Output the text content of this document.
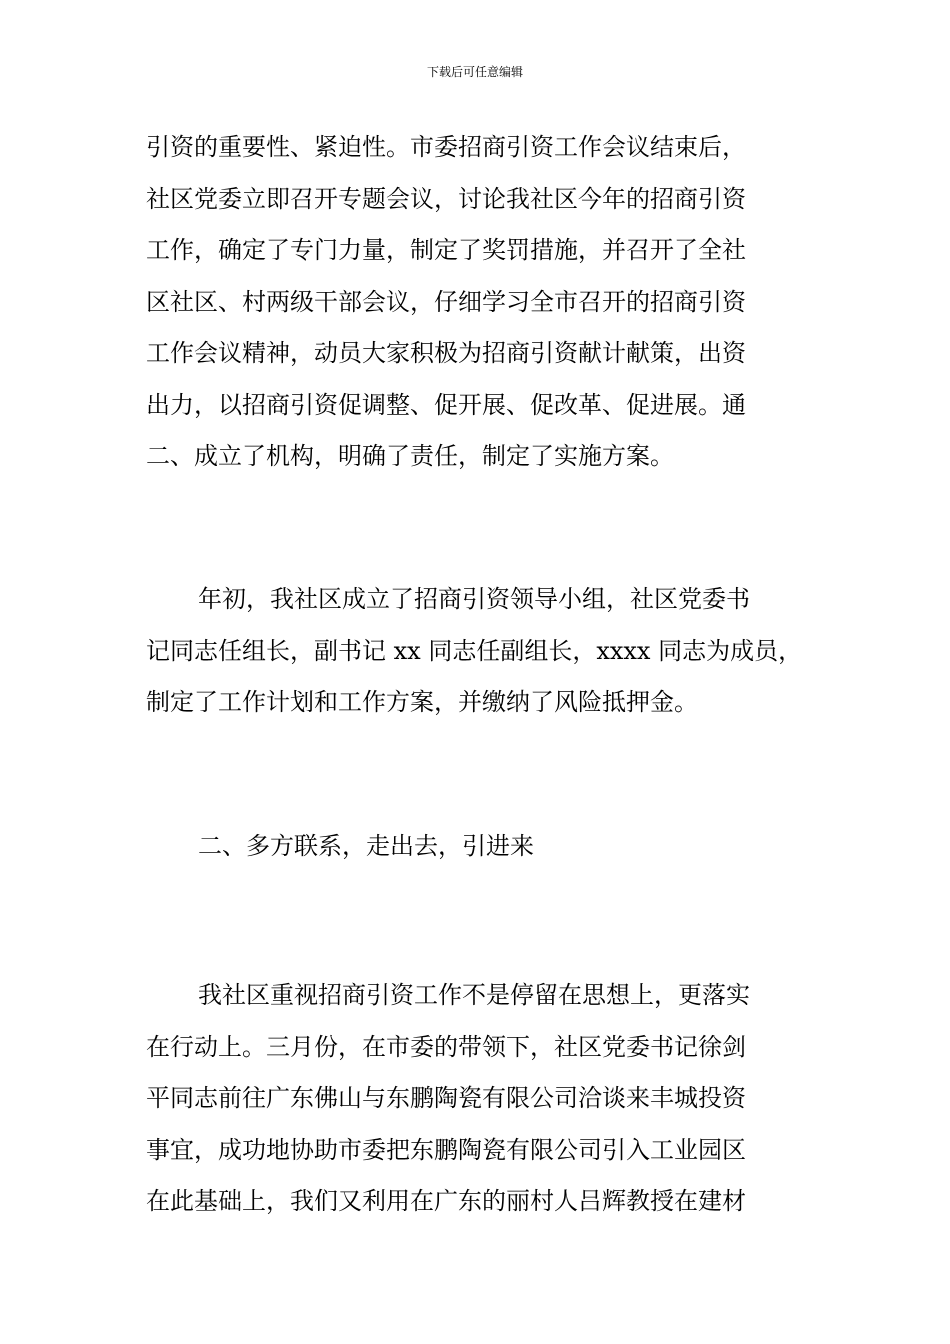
下载后可任意编辑
引资的重要性、紧迫性。市委招商引资工作会议结束后，
社区党委立即召开专题会议，讨论我社区今年的招商引资
工作，确定了专门力量，制定了奖罚措施，并召开了全社
区社区、村两级干部会议，仔细学习全市召开的招商引资
工作会议精神，动员大家积极为招商引资献计献策，出资
出力，以招商引资促调整、促开展、促改革、促进展。通
二、成立了机构，明确了责任，制定了实施方案。
年初，我社区成立了招商引资领导小组，社区党委书
记同志任组长，副书记 xx 同志任副组长，xxxx 同志为成员，
制定了工作计划和工作方案，并缴纳了风险抵押金。
二、多方联系，走出去，引进来
我社区重视招商引资工作不是停留在思想上，更落实
在行动上。三月份，在市委的带领下，社区党委书记徐剑
平同志前往广东佛山与东鹏陶瓷有限公司洽谈来丰城投资
事宜，成功地协助市委把东鹏陶瓷有限公司引入工业园区
在此基础上，我们又利用在广东的丽村人吕辉教授在建材
